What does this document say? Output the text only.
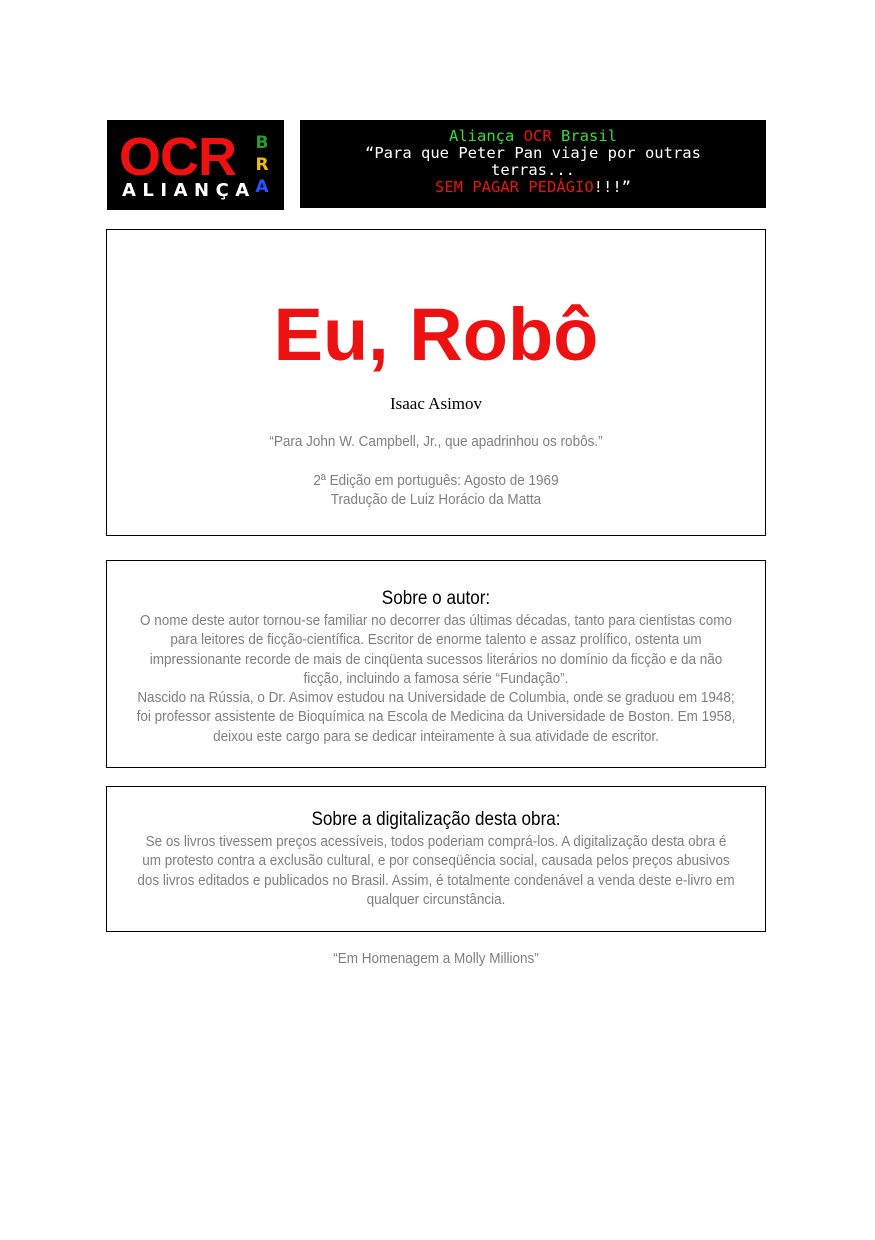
OCR B
R
A
ALIANÇA
Aliança OCR Brasil
“Para que Peter Pan viaje por outras
terras...
SEM PAGAR PEDÁGIO!!!”
Eu, Robô
Isaac Asimov
“Para John W. Campbell, Jr., que apadrinhou os robôs.”
2ª Edição em português: Agosto de 1969
Tradução de Luiz Horácio da Matta
Sobre o autor:

O nome deste autor tornou-se familiar no decorrer das últimas décadas, tanto para cientistas como para leitores de ficção-científica. Escritor de enorme talento e assaz prolífico, ostenta um impressionante recorde de mais de cinqüenta sucessos literários no domínio da ficção e da não ficção, incluindo a famosa série “Fundação”.

Nascido na Rússia, o Dr. Asimov estudou na Universidade de Columbia, onde se graduou em 1948; foi professor assistente de Bioquímica na Escola de Medicina da Universidade de Boston. Em 1958, deixou este cargo para se dedicar inteiramente à sua atividade de escritor.

Sobre a digitalização desta obra:
Se os livros tivessem preços acessíveis, todos poderiam comprá-los. A digitalização desta obra é um protesto contra a exclusão cultural, e por conseqüência social, causada pelos preços abusivos dos livros editados e publicados no Brasil. Assim, é totalmente condenável a venda deste e-livro em qualquer circunstância.
“Em Homenagem a Molly Millions”
